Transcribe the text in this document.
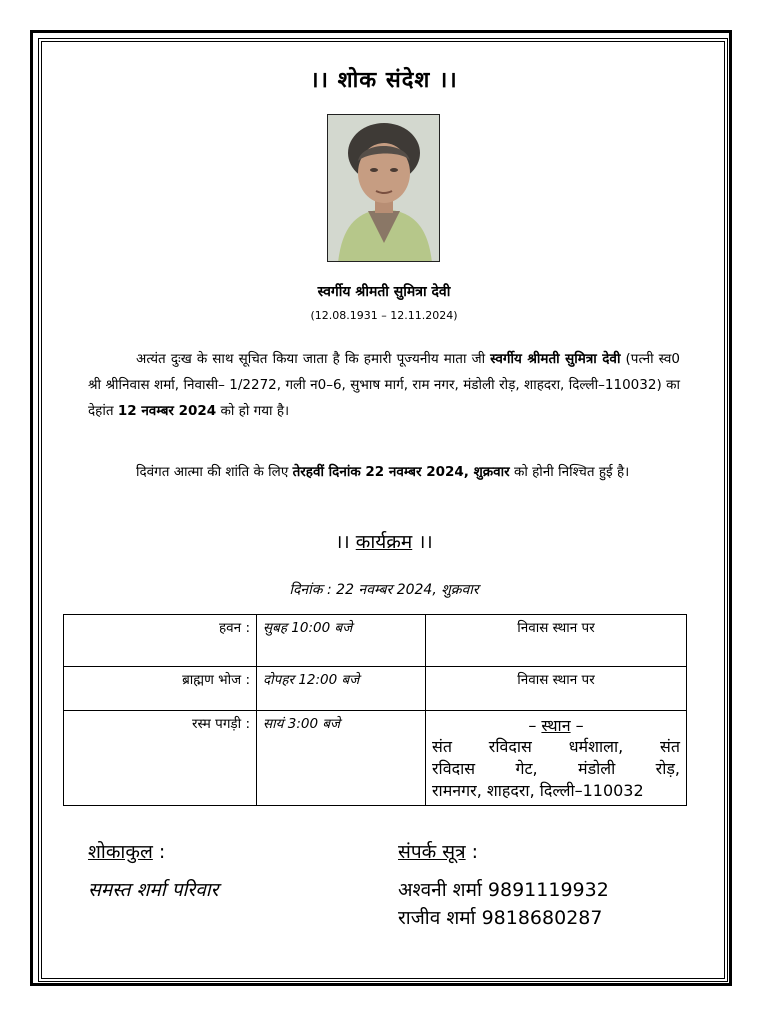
।। शोक संदेश ।।
स्वर्गीय श्रीमती सुमित्रा देवी
(12.08.1931 – 12.11.2024)
अत्यंत दुःख के साथ सूचित किया जाता है कि हमारी पूज्यनीय माता जी स्वर्गीय श्रीमती सुमित्रा देवी (पत्नी स्व0 श्री श्रीनिवास शर्मा, निवासी– 1/2272, गली न0–6, सुभाष मार्ग, राम नगर, मंडोली रोड़, शाहदरा, दिल्ली–110032) का देहांत 12 नवम्बर 2024 को हो गया है।
दिवंगत आत्मा की शांति के लिए तेरहवीं दिनांक 22 नवम्बर 2024, शुक्रवार को होनी निश्चित हुई है।
।। कार्यक्रम ।।
दिनांक : 22 नवम्बर 2024, शुक्रवार
हवन :	सुबह 10:00 बजे	निवास स्थान पर
ब्राह्मण भोज :	दोपहर 12:00 बजे	निवास स्थान पर
रस्म पगड़ी :	सायं 3:00 बजे	– स्थान –
संत रविदास धर्मशाला, संत
रविदास गेट, मंडोली रोड़,
रामनगर, शाहदरा, दिल्ली–110032
शोकाकुल :
समस्त शर्मा परिवार
संपर्क सूत्र :
अश्वनी शर्मा 9891119932
राजीव शर्मा 9818680287
